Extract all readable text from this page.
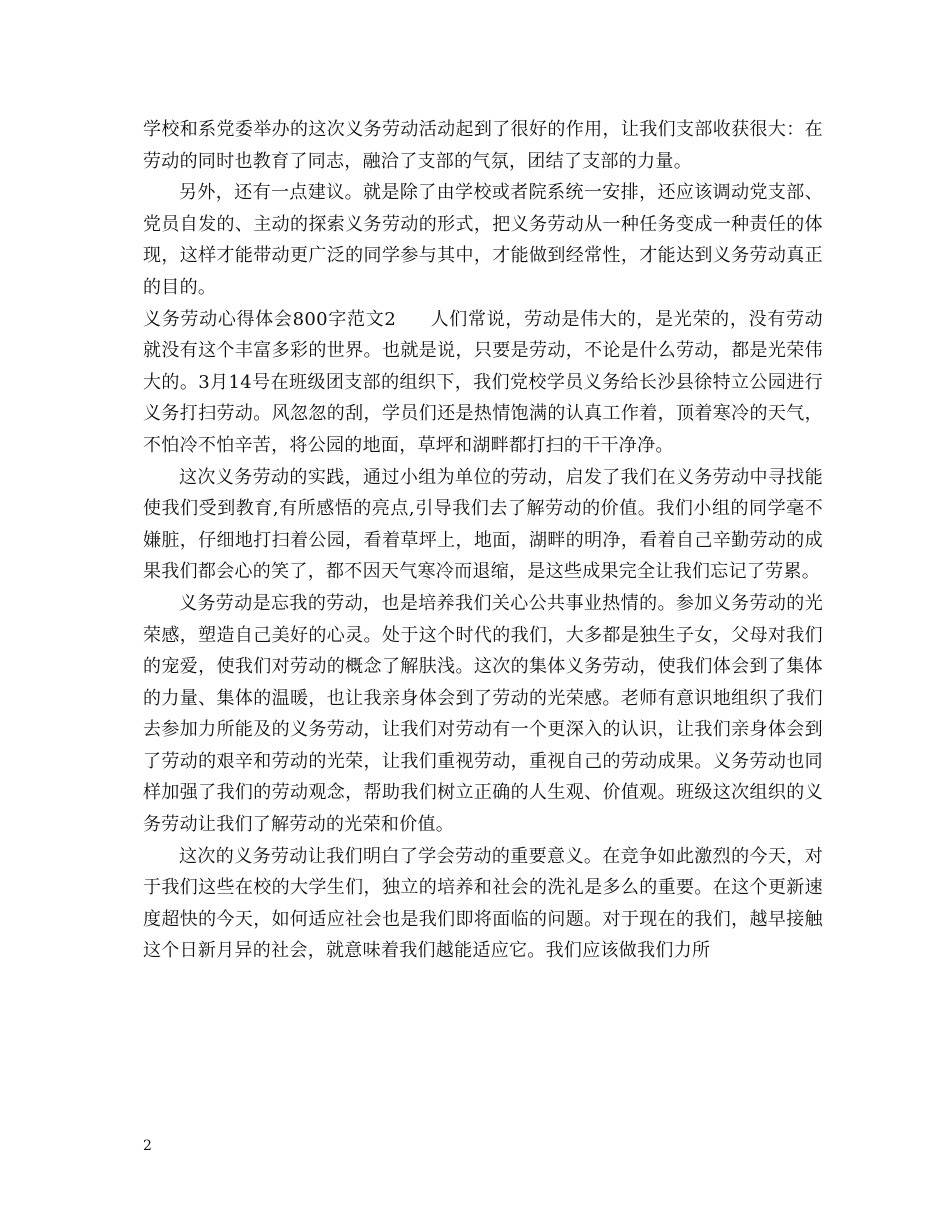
学校和系党委举办的这次义务劳动活动起到了很好的作用，让我们支部收获很大：在劳动的同时也教育了同志，融洽了支部的气氛，团结了支部的力量。

另外，还有一点建议。就是除了由学校或者院系统一安排，还应该调动党支部、党员自发的、主动的探索义务劳动的形式，把义务劳动从一种任务变成一种责任的体现，这样才能带动更广泛的同学参与其中，才能做到经常性，才能达到义务劳动真正的目的。

义务劳动心得体会800字范文2 人们常说，劳动是伟大的，是光荣的，没有劳动就没有这个丰富多彩的世界。也就是说，只要是劳动，不论是什么劳动，都是光荣伟大的。3月14号在班级团支部的组织下，我们党校学员义务给长沙县徐特立公园进行义务打扫劳动。风忽忽的刮，学员们还是热情饱满的认真工作着，顶着寒冷的天气，不怕冷不怕辛苦，将公园的地面，草坪和湖畔都打扫的干干净净。

这次义务劳动的实践，通过小组为单位的劳动，启发了我们在义务劳动中寻找能使我们受到教育,有所感悟的亮点,引导我们去了解劳动的价值。我们小组的同学毫不嫌脏，仔细地打扫着公园，看着草坪上，地面，湖畔的明净，看着自己辛勤劳动的成果我们都会心的笑了，都不因天气寒冷而退缩，是这些成果完全让我们忘记了劳累。

义务劳动是忘我的劳动，也是培养我们关心公共事业热情的。参加义务劳动的光荣感，塑造自己美好的心灵。处于这个时代的我们，大多都是独生子女，父母对我们的宠爱，使我们对劳动的概念了解肤浅。这次的集体义务劳动，使我们体会到了集体的力量、集体的温暖，也让我亲身体会到了劳动的光荣感。老师有意识地组织了我们去参加力所能及的义务劳动，让我们对劳动有一个更深入的认识，让我们亲身体会到了劳动的艰辛和劳动的光荣，让我们重视劳动，重视自己的劳动成果。义务劳动也同样加强了我们的劳动观念，帮助我们树立正确的人生观、价值观。班级这次组织的义务劳动让我们了解劳动的光荣和价值。

这次的义务劳动让我们明白了学会劳动的重要意义。在竞争如此激烈的今天，对于我们这些在校的大学生们，独立的培养和社会的洗礼是多么的重要。在这个更新速度超快的今天，如何适应社会也是我们即将面临的问题。对于现在的我们，越早接触这个日新月异的社会，就意味着我们越能适应它。我们应该做我们力所

2
